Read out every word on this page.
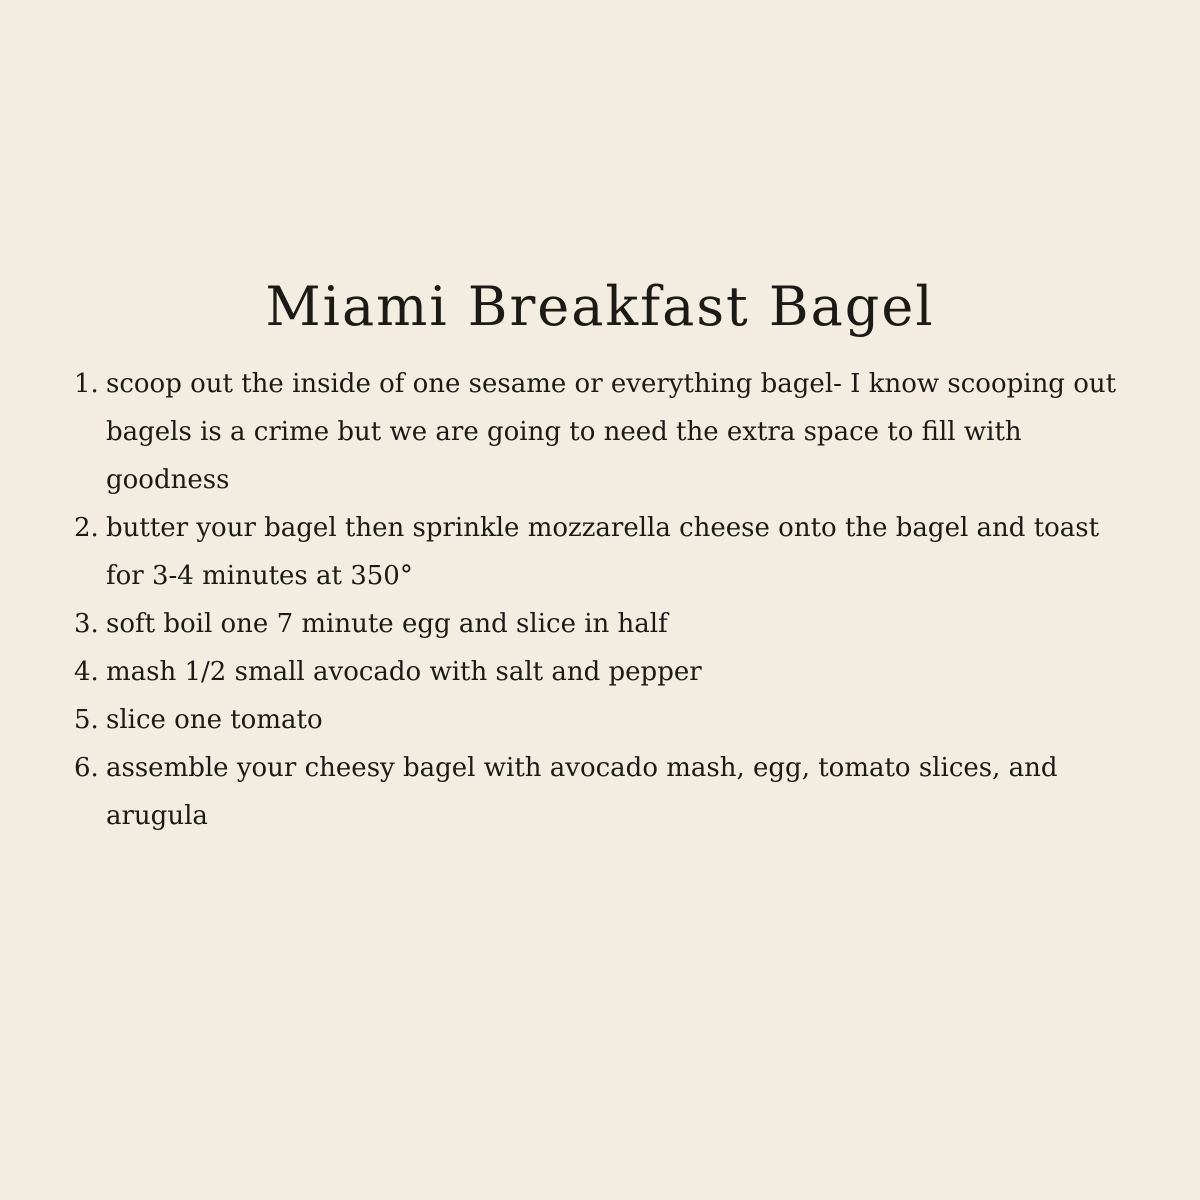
Miami Breakfast Bagel
1. scoop out the inside of one sesame or everything bagel- I know scooping out bagels is a crime but we are going to need the extra space to fill with goodness
2. butter your bagel then sprinkle mozzarella cheese onto the bagel and toast for 3-4 minutes at 350°
3. soft boil one 7 minute egg and slice in half
4. mash 1/2 small avocado with salt and pepper
5. slice one tomato
6. assemble your cheesy bagel with avocado mash, egg, tomato slices, and arugula
